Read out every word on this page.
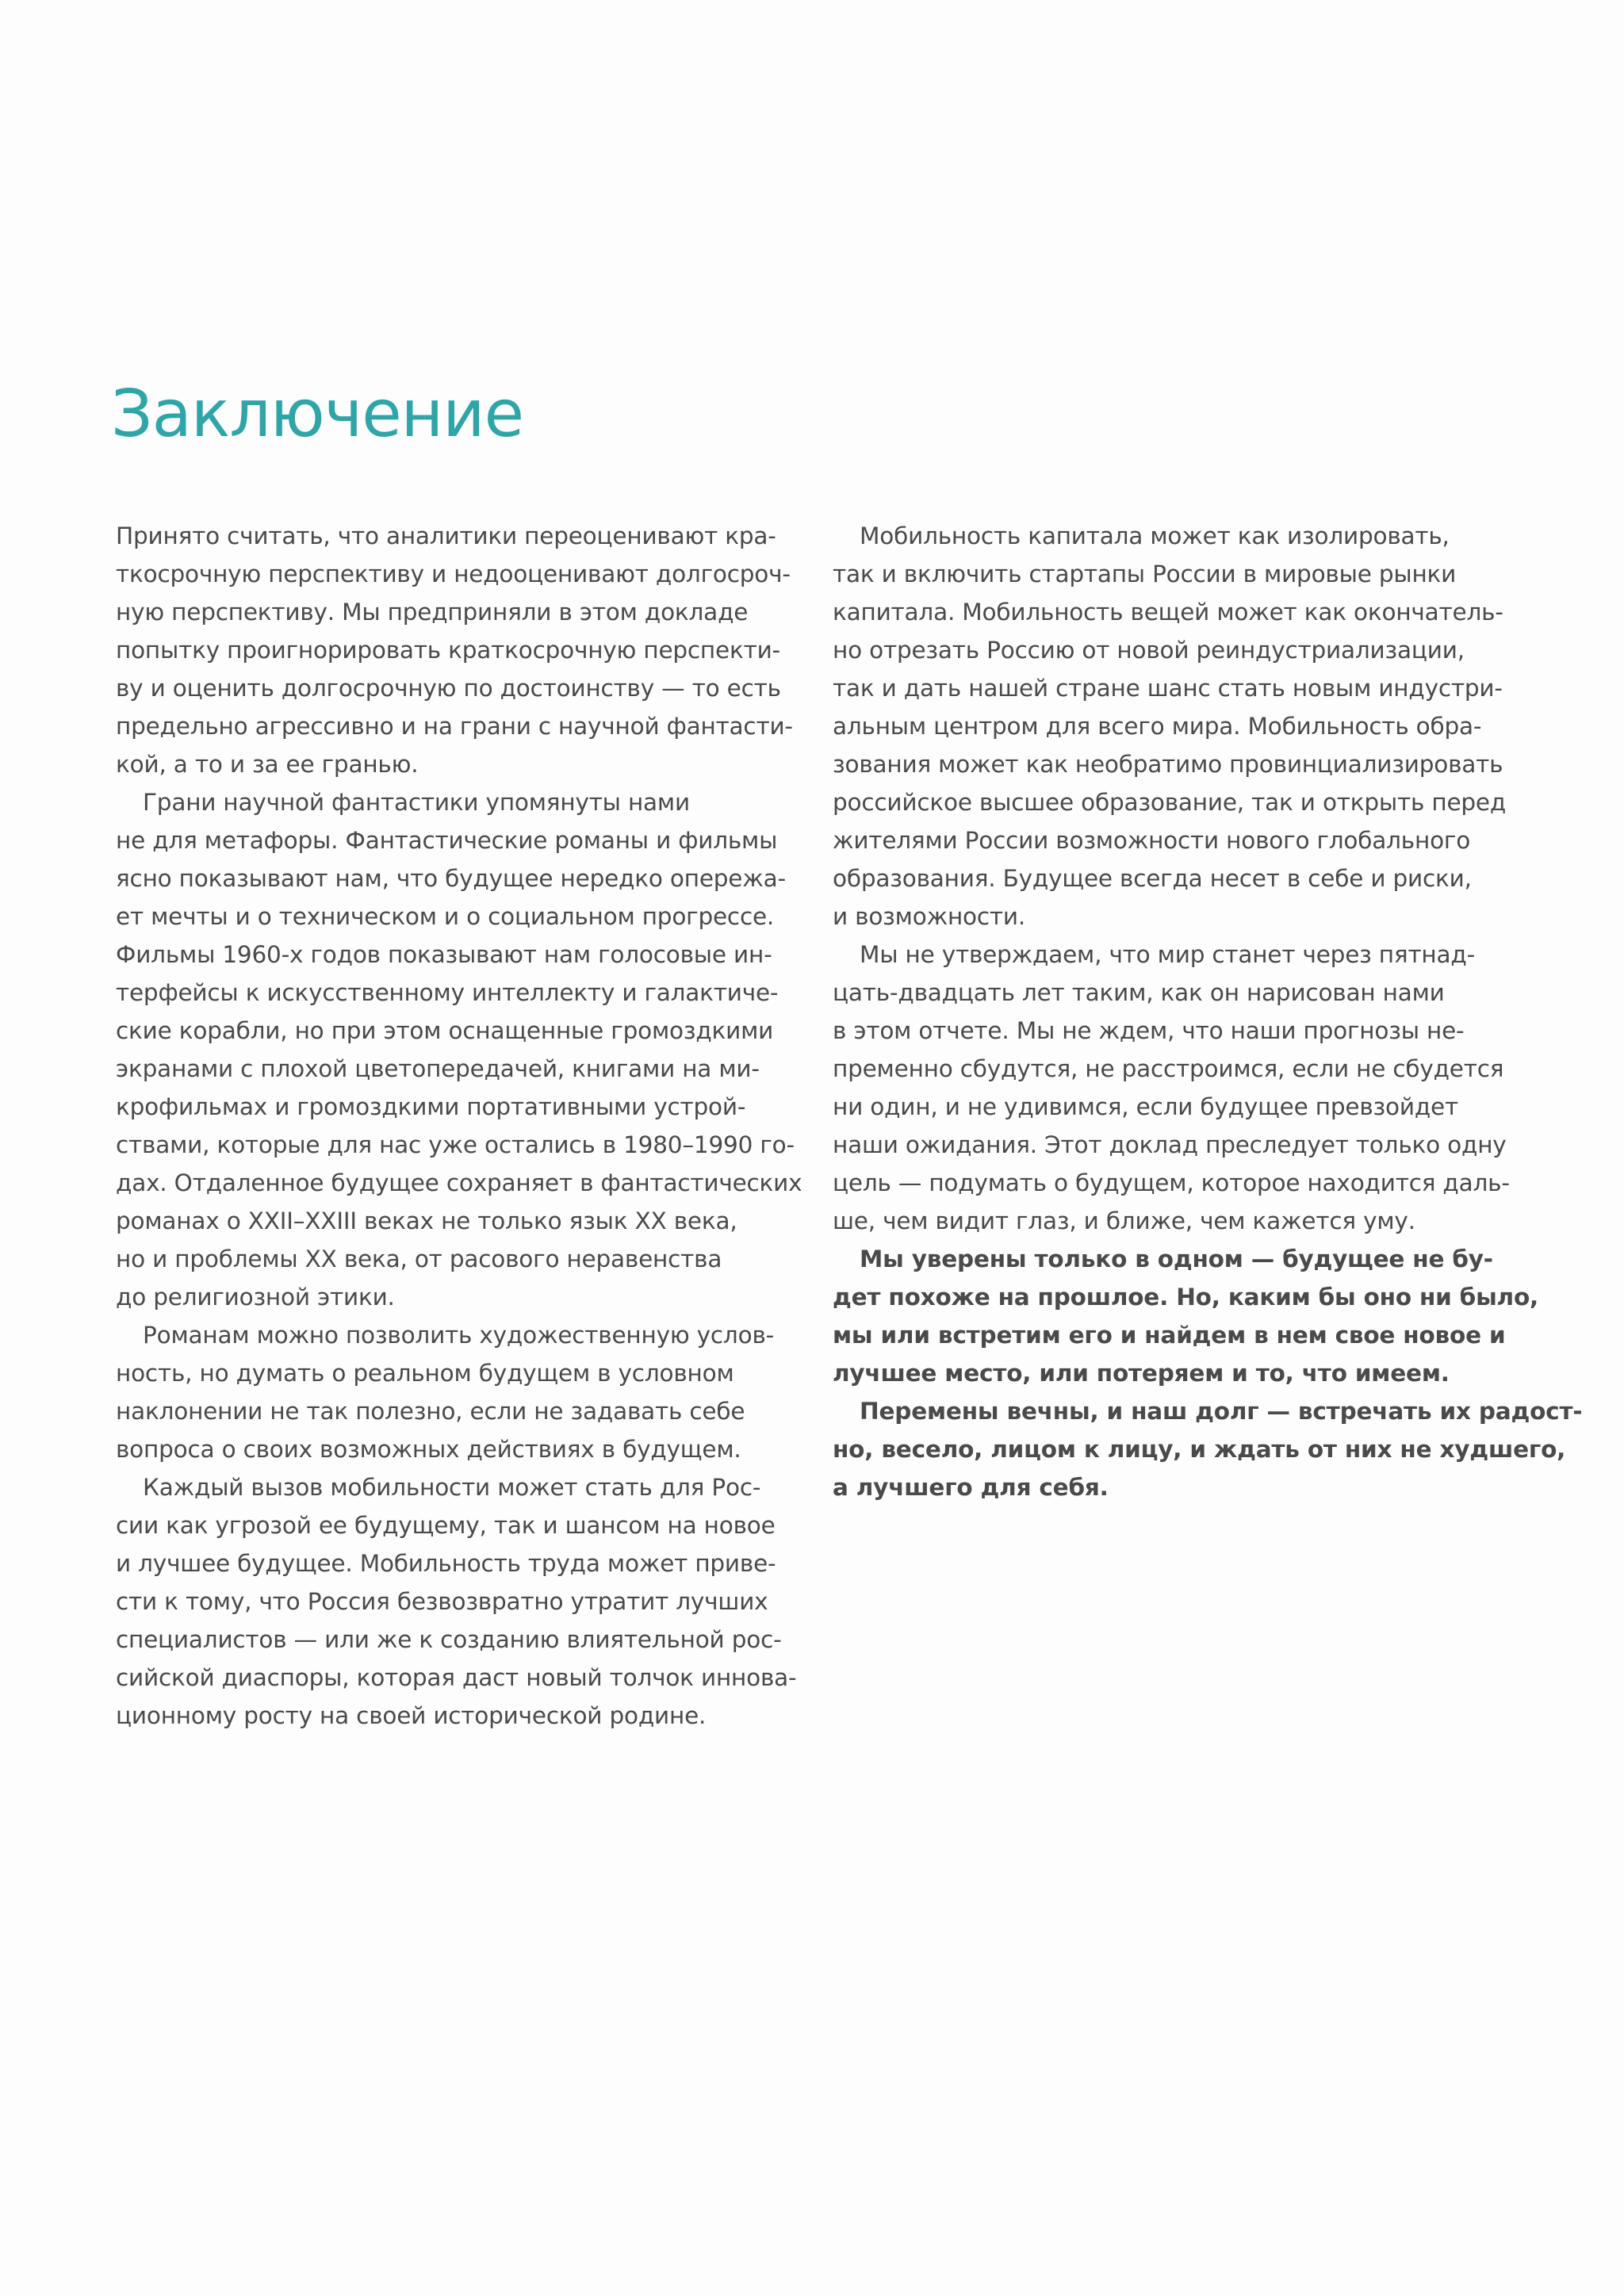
Заключение
Принято считать, что аналитики переоценивают кра-
ткосрочную перспективу и недооценивают долгосроч-
ную перспективу. Мы предприняли в этом докладе
попытку проигнорировать краткосрочную перспекти-
ву и оценить долгосрочную по достоинству — то есть
предельно агрессивно и на грани с научной фантасти-
кой, а то и за ее гранью.
Грани научной фантастики упомянуты нами
не для метафоры. Фантастические романы и фильмы
ясно показывают нам, что будущее нередко опережа-
ет мечты и о техническом и о социальном прогрессе.
Фильмы 1960-х годов показывают нам голосовые ин-
терфейсы к искусственному интеллекту и галактиче-
ские корабли, но при этом оснащенные громоздкими
экранами с плохой цветопередачей, книгами на ми-
крофильмах и громоздкими портативными устрой-
ствами, которые для нас уже остались в 1980–1990 го-
дах. Отдаленное будущее сохраняет в фантастических
романах о XXII–XXIII веках не только язык XX века,
но и проблемы XX века, от расового неравенства
до религиозной этики.
Романам можно позволить художественную услов-
ность, но думать о реальном будущем в условном
наклонении не так полезно, если не задавать себе
вопроса о своих возможных действиях в будущем.
Каждый вызов мобильности может стать для Рос-
сии как угрозой ее будущему, так и шансом на новое
и лучшее будущее. Мобильность труда может приве-
сти к тому, что Россия безвозвратно утратит лучших
специалистов — или же к созданию влиятельной рос-
сийской диаспоры, которая даст новый толчок иннова-
ционному росту на своей исторической родине.
Мобильность капитала может как изолировать,
так и включить стартапы России в мировые рынки
капитала. Мобильность вещей может как окончатель-
но отрезать Россию от новой реиндустриализации,
так и дать нашей стране шанс стать новым индустри-
альным центром для всего мира. Мобильность обра-
зования может как необратимо провинциализировать
российское высшее образование, так и открыть перед
жителями России возможности нового глобального
образования. Будущее всегда несет в себе и риски,
и возможности.
Мы не утверждаем, что мир станет через пятнад-
цать-двадцать лет таким, как он нарисован нами
в этом отчете. Мы не ждем, что наши прогнозы не-
пременно сбудутся, не расстроимся, если не сбудется
ни один, и не удивимся, если будущее превзойдет
наши ожидания. Этот доклад преследует только одну
цель — подумать о будущем, которое находится даль-
ше, чем видит глаз, и ближе, чем кажется уму.
Мы уверены только в одном — будущее не бу-
дет похоже на прошлое. Но, каким бы оно ни было,
мы или встретим его и найдем в нем свое новое и
лучшее место, или потеряем и то, что имеем.
Перемены вечны, и наш долг — встречать их радост-
но, весело, лицом к лицу, и ждать от них не худшего,
а лучшего для себя.
